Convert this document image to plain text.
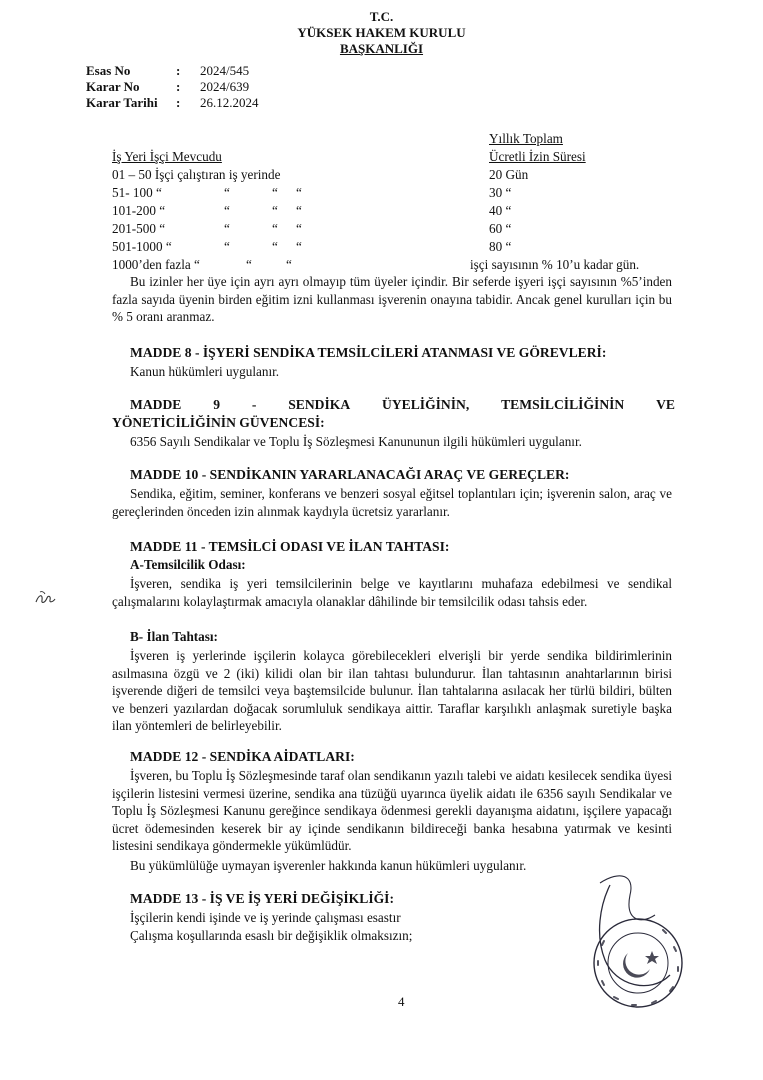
T.C.
YÜKSEK HAKEM KURULU
BAŞKANLIĞI
Esas No	: 2024/545
Karar No	: 2024/639
Karar Tarihi : 26.12.2024
Yıllık Toplam
İş Yeri İşçi Mevcudu	Ücretli İzin Süresi
01 – 50 İşçi çalıştıran iş yerinde	20 Gün
51- 100 “	“	“ “	30 “
101-200 “	“	“ “	40 “
201-500 “	“	“ “	60 “
501-1000 “	“	“ “	80 “
1000’den fazla “	“	“	işçi sayısının % 10’u kadar gün.
Bu izinler her üye için ayrı ayrı olmayıp tüm üyeler içindir. Bir seferde işyeri işçi sayısının %5’inden fazla sayıda üyenin birden eğitim izni kullanması işverenin onayına tabidir. Ancak genel kurulları için bu % 5 oranı aranmaz.
MADDE 8 - İŞYERİ SENDİKA TEMSİLCİLERİ ATANMASI VE GÖREVLERİ:
Kanun hükümleri uygulanır.
MADDE 9 - SENDİKA ÜYELİĞİNİN, TEMSİLCİLİĞİNİN VE
YÖNETİCİLİĞİNİN GÜVENCESİ:
6356 Sayılı Sendikalar ve Toplu İş Sözleşmesi Kanununun ilgili hükümleri uygulanır.
MADDE 10 - SENDİKANIN YARARLANACAĞI ARAÇ VE GEREÇLER:
Sendika, eğitim, seminer, konferans ve benzeri sosyal eğitsel toplantıları için; işverenin salon, araç ve gereçlerinden önceden izin alınmak kaydıyla ücretsiz yararlanır.
MADDE 11 - TEMSİLCİ ODASI VE İLAN TAHTASI:
A-Temsilcilik Odası:
İşveren, sendika iş yeri temsilcilerinin belge ve kayıtlarını muhafaza edebilmesi ve sendikal çalışmalarını kolaylaştırmak amacıyla olanaklar dâhilinde bir temsilcilik odası tahsis eder.
B- İlan Tahtası:
İşveren iş yerlerinde işçilerin kolayca görebilecekleri elverişli bir yerde sendika bildirimlerinin asılmasına özgü ve 2 (iki) kilidi olan bir ilan tahtası bulundurur. İlan tahtasının anahtarlarının birisi işverende diğeri de temsilci veya baştemsilcide bulunur. İlan tahtalarına asılacak her türlü bildiri, bülten ve benzeri yazılardan doğacak sorumluluk sendikaya aittir. Taraflar karşılıklı anlaşmak suretiyle başka ilan yöntemleri de belirleyebilir.
MADDE 12 - SENDİKA AİDATLARI:
İşveren, bu Toplu İş Sözleşmesinde taraf olan sendikanın yazılı talebi ve aidatı kesilecek sendika üyesi işçilerin listesini vermesi üzerine, sendika ana tüzüğü uyarınca üyelik aidatı ile 6356 sayılı Sendikalar ve Toplu İş Sözleşmesi Kanunu gereğince sendikaya ödenmesi gerekli dayanışma aidatını, işçilere yapacağı ücret ödemesinden keserek bir ay içinde sendikanın bildireceği banka hesabına yatırmak ve kesinti listesini sendikaya göndermekle yükümlüdür.
Bu yükümlülüğe uymayan işverenler hakkında kanun hükümleri uygulanır.
MADDE 13 - İŞ VE İŞ YERİ DEĞİŞİKLİĞİ:
İşçilerin kendi işinde ve iş yerinde çalışması esastır
Çalışma koşullarında esaslı bir değişiklik olmaksızın;
4
